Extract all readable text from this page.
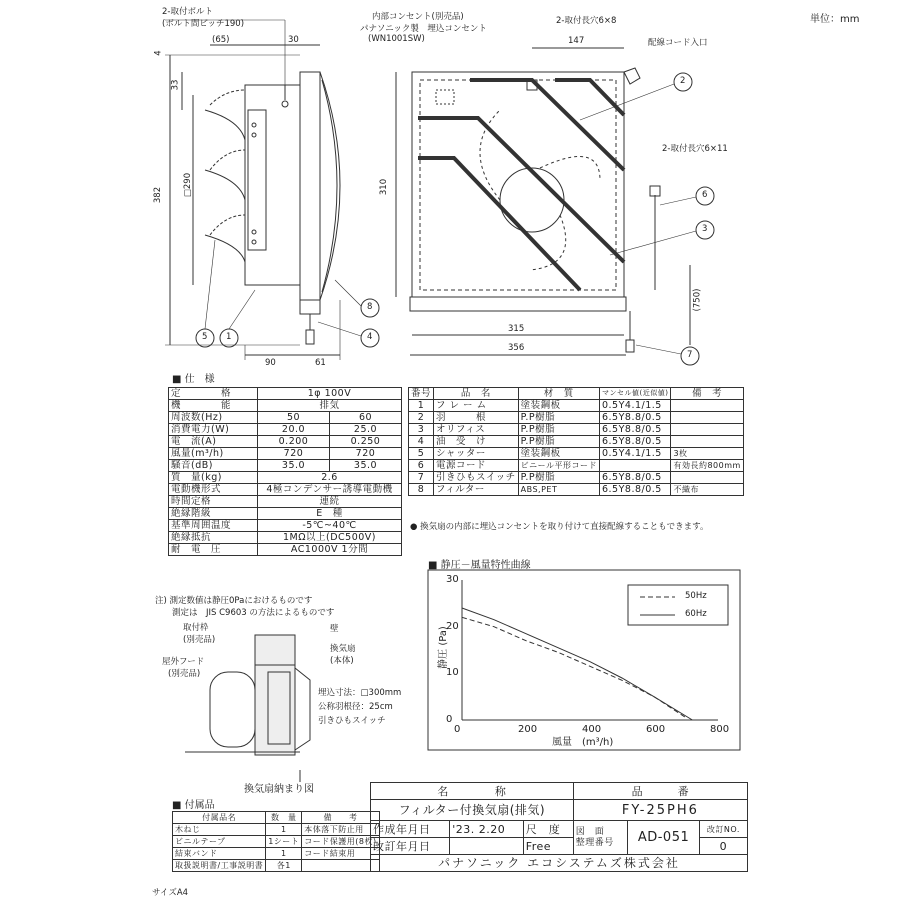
単位：mm
2-取付ボルト
(ボルト間ピッチ190)
(65)	30
4
33
382 □290
90	61
内部コンセント(別売品)
パナソニック製　埋込コンセント
(WN1001SW)
2-取付長穴6×8
147	配線コード入口
2-取付長穴6×11
310
(750)
315
356
5 1
8
4
2
6
3
7
■ 仕　様
定　　　　格	1φ 100V	
機　　　　能	排気	
周波数(Hz)	50	60
消費電力(W)	20.0	25.0
電　流(A)	0.200	0.250
風量(m³/h)	720	720
騒音(dB)	35.0	35.0
質　量(kg)	2.6	
電動機形式	4極コンデンサー誘導電動機	
時間定格	連続	
絶縁階級	E　種	
基準周囲温度	-5℃~40℃	
絶縁抵抗	1MΩ以上(DC500V)	
耐　電　圧	AC1000V 1分間	
注) 測定数値は静圧0Paにおけるものです
測定は　JIS C9603 の方法によるものです
番号	品　名	材　質	マンセル値(近似値)	備　考
1	フ レ ー ム	塗装鋼板	0.5Y4.1/1.5	
2	羽　　　根	P.P樹脂	6.5Y8.8/0.5	
3	オリフィス	P.P樹脂	6.5Y8.8/0.5	
4	油　受　け	P.P樹脂	6.5Y8.8/0.5	
5	シャッター	塗装鋼板	0.5Y4.1/1.5	3枚
6	電源コード	ビニール平形コード		有効長約800mm
7	引きひもスイッチ	P.P樹脂	6.5Y8.8/0.5	
8	フィルター	ABS,PET	6.5Y8.8/0.5	不織布
● 換気扇の内部に埋込コンセントを取り付けて直接配線することもできます。
取付枠
(別売品)
壁
換気扇
(本体)
屋外フード
(別売品)
埋込寸法：□300mm
公称羽根径：25cm
引きひもスイッチ
換気扇納まり図
■ 静圧－風量特性曲線
静圧 (Pa)
風量　(m³/h)
50Hz
60Hz
0	200	400	600	800
0
10
20
30
■ 付属品
付属品名	数　量	備　　考
木ねじ	1	本体落下防止用
ビニルテープ	1シート	コード保護用(8枚)
結束バンド	1	コード結束用
取扱説明書/工事説明書	各1	
サイズA4
名　　　　称			品　　　番		
フィルター付換気扇(排気)			FY-25PH6		
作成年月日	'23. 2.20	尺　度	図　面
整理番号	AD-051	改訂NO.
改訂年月日		Free			0
パナソニック エコシステムズ株式会社					
